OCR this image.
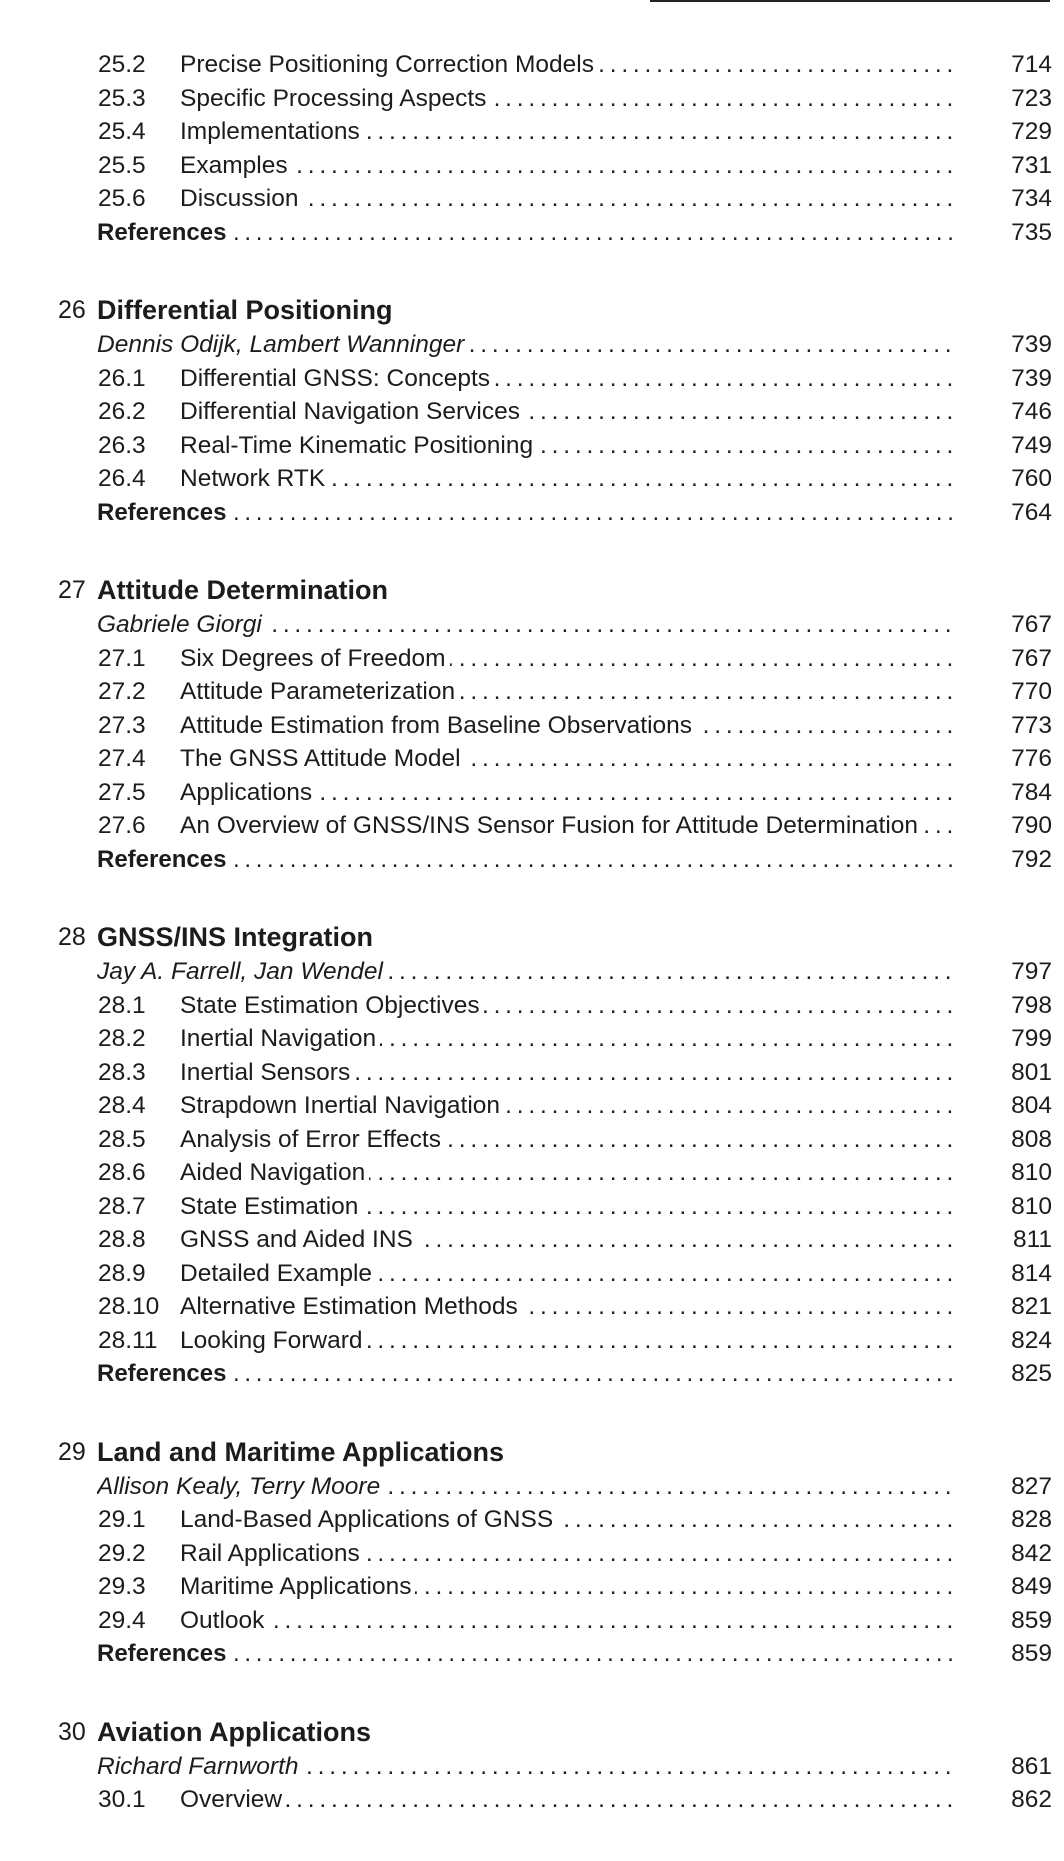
25.2 Precise Positioning Correction Models . . .	714
25.3 Specific Processing Aspects . . .	723
25.4 Implementations . . .	729
25.5 Examples . . .	731
25.6 Discussion . . .	734
References . . .	735
26 Differential Positioning
Dennis Odijk, Lambert Wanninger . . .	739
26.1 Differential GNSS: Concepts . . .	739
26.2 Differential Navigation Services . . .	746
26.3 Real-Time Kinematic Positioning . . .	749
26.4 Network RTK . . .	760
References . . .	764
27 Attitude Determination
Gabriele Giorgi . . .	767
27.1 Six Degrees of Freedom . . .	767
27.2 Attitude Parameterization . . .	770
27.3 Attitude Estimation from Baseline Observations . . .	773
27.4 The GNSS Attitude Model . . .	776
27.5 Applications . . .	784
27.6 An Overview of GNSS/INS Sensor Fusion for Attitude Determination . . .	790
References . . .	792
28 GNSS/INS Integration
Jay A. Farrell, Jan Wendel . . .	797
28.1 State Estimation Objectives . . .	798
28.2 Inertial Navigation . . .	799
28.3 Inertial Sensors . . .	801
28.4 Strapdown Inertial Navigation . . .	804
28.5 Analysis of Error Effects . . .	808
28.6 Aided Navigation . . .	810
28.7 State Estimation . . .	810
28.8 GNSS and Aided INS . . .	811
28.9 Detailed Example . . .	814
28.10 Alternative Estimation Methods . . .	821
28.11 Looking Forward . . .	824
References . . .	825
29 Land and Maritime Applications
Allison Kealy, Terry Moore . . .	827
29.1 Land-Based Applications of GNSS . . .	828
29.2 Rail Applications . . .	842
29.3 Maritime Applications . . .	849
29.4 Outlook . . .	859
References . . .	859
30 Aviation Applications
Richard Farnworth . . .	861
30.1 Overview . . .	862
